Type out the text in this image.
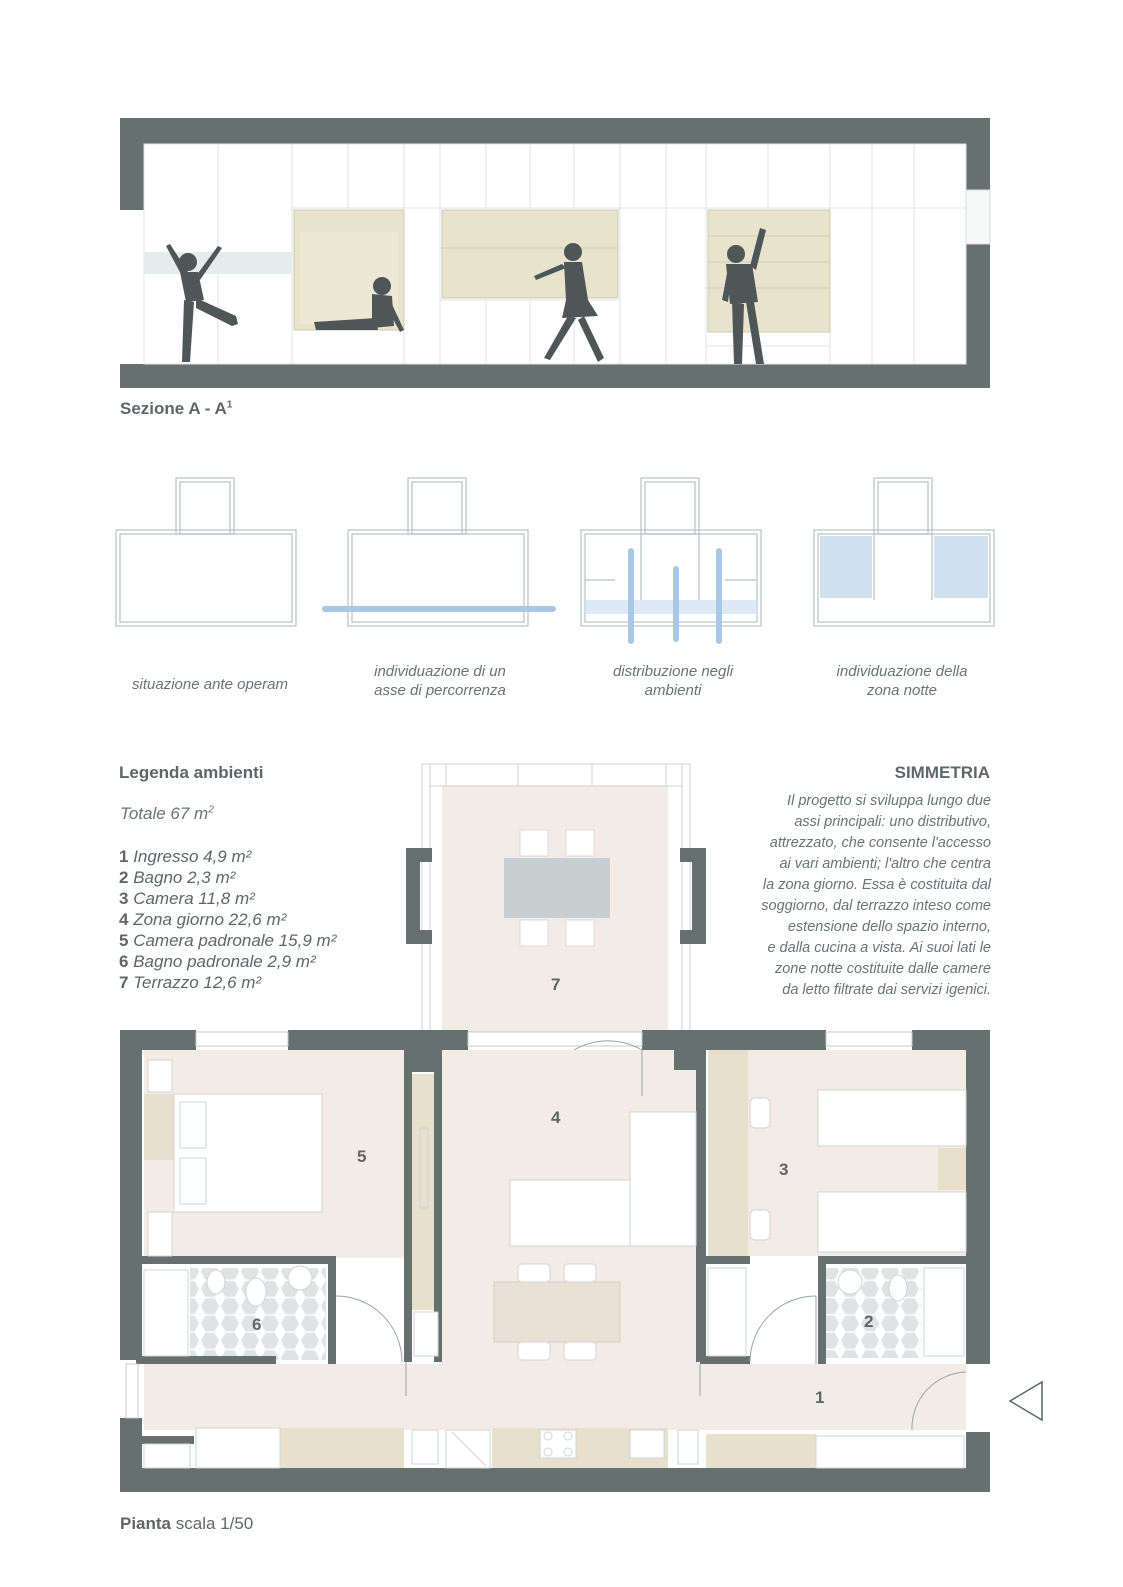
Sezione A - $A^1$
situazione ante operam
individuazione di un asse di percorrenza
distribuzione negli ambienti
individuazione della zona notte
Legenda ambienti
Totale 67 $m^2$
1 Ingresso 4,9 m²
2 Bagno 2,3 m²
3 Camera 11,8 m²
4 Zona giorno 22,6 m²
5 Camera padronale 15,9 m²
6 Bagno padronale 2,9 m²
7 Terrazzo 12,6 m²
SIMMETRIA
Il progetto si sviluppa lungo due
assi principali: uno distributivo,
attrezzato, che consente l'accesso
ai vari ambienti; l'altro che centra
la zona giorno. Essa è costituita dal
soggiorno, dal terrazzo inteso come
estensione dello spazio interno,
e dalla cucina a vista. Ai suoi lati le
zone notte costituite dalle camere
da letto filtrate dai servizi igenici.
1
2
3
4
5
6
7
Pianta scala 1/50
